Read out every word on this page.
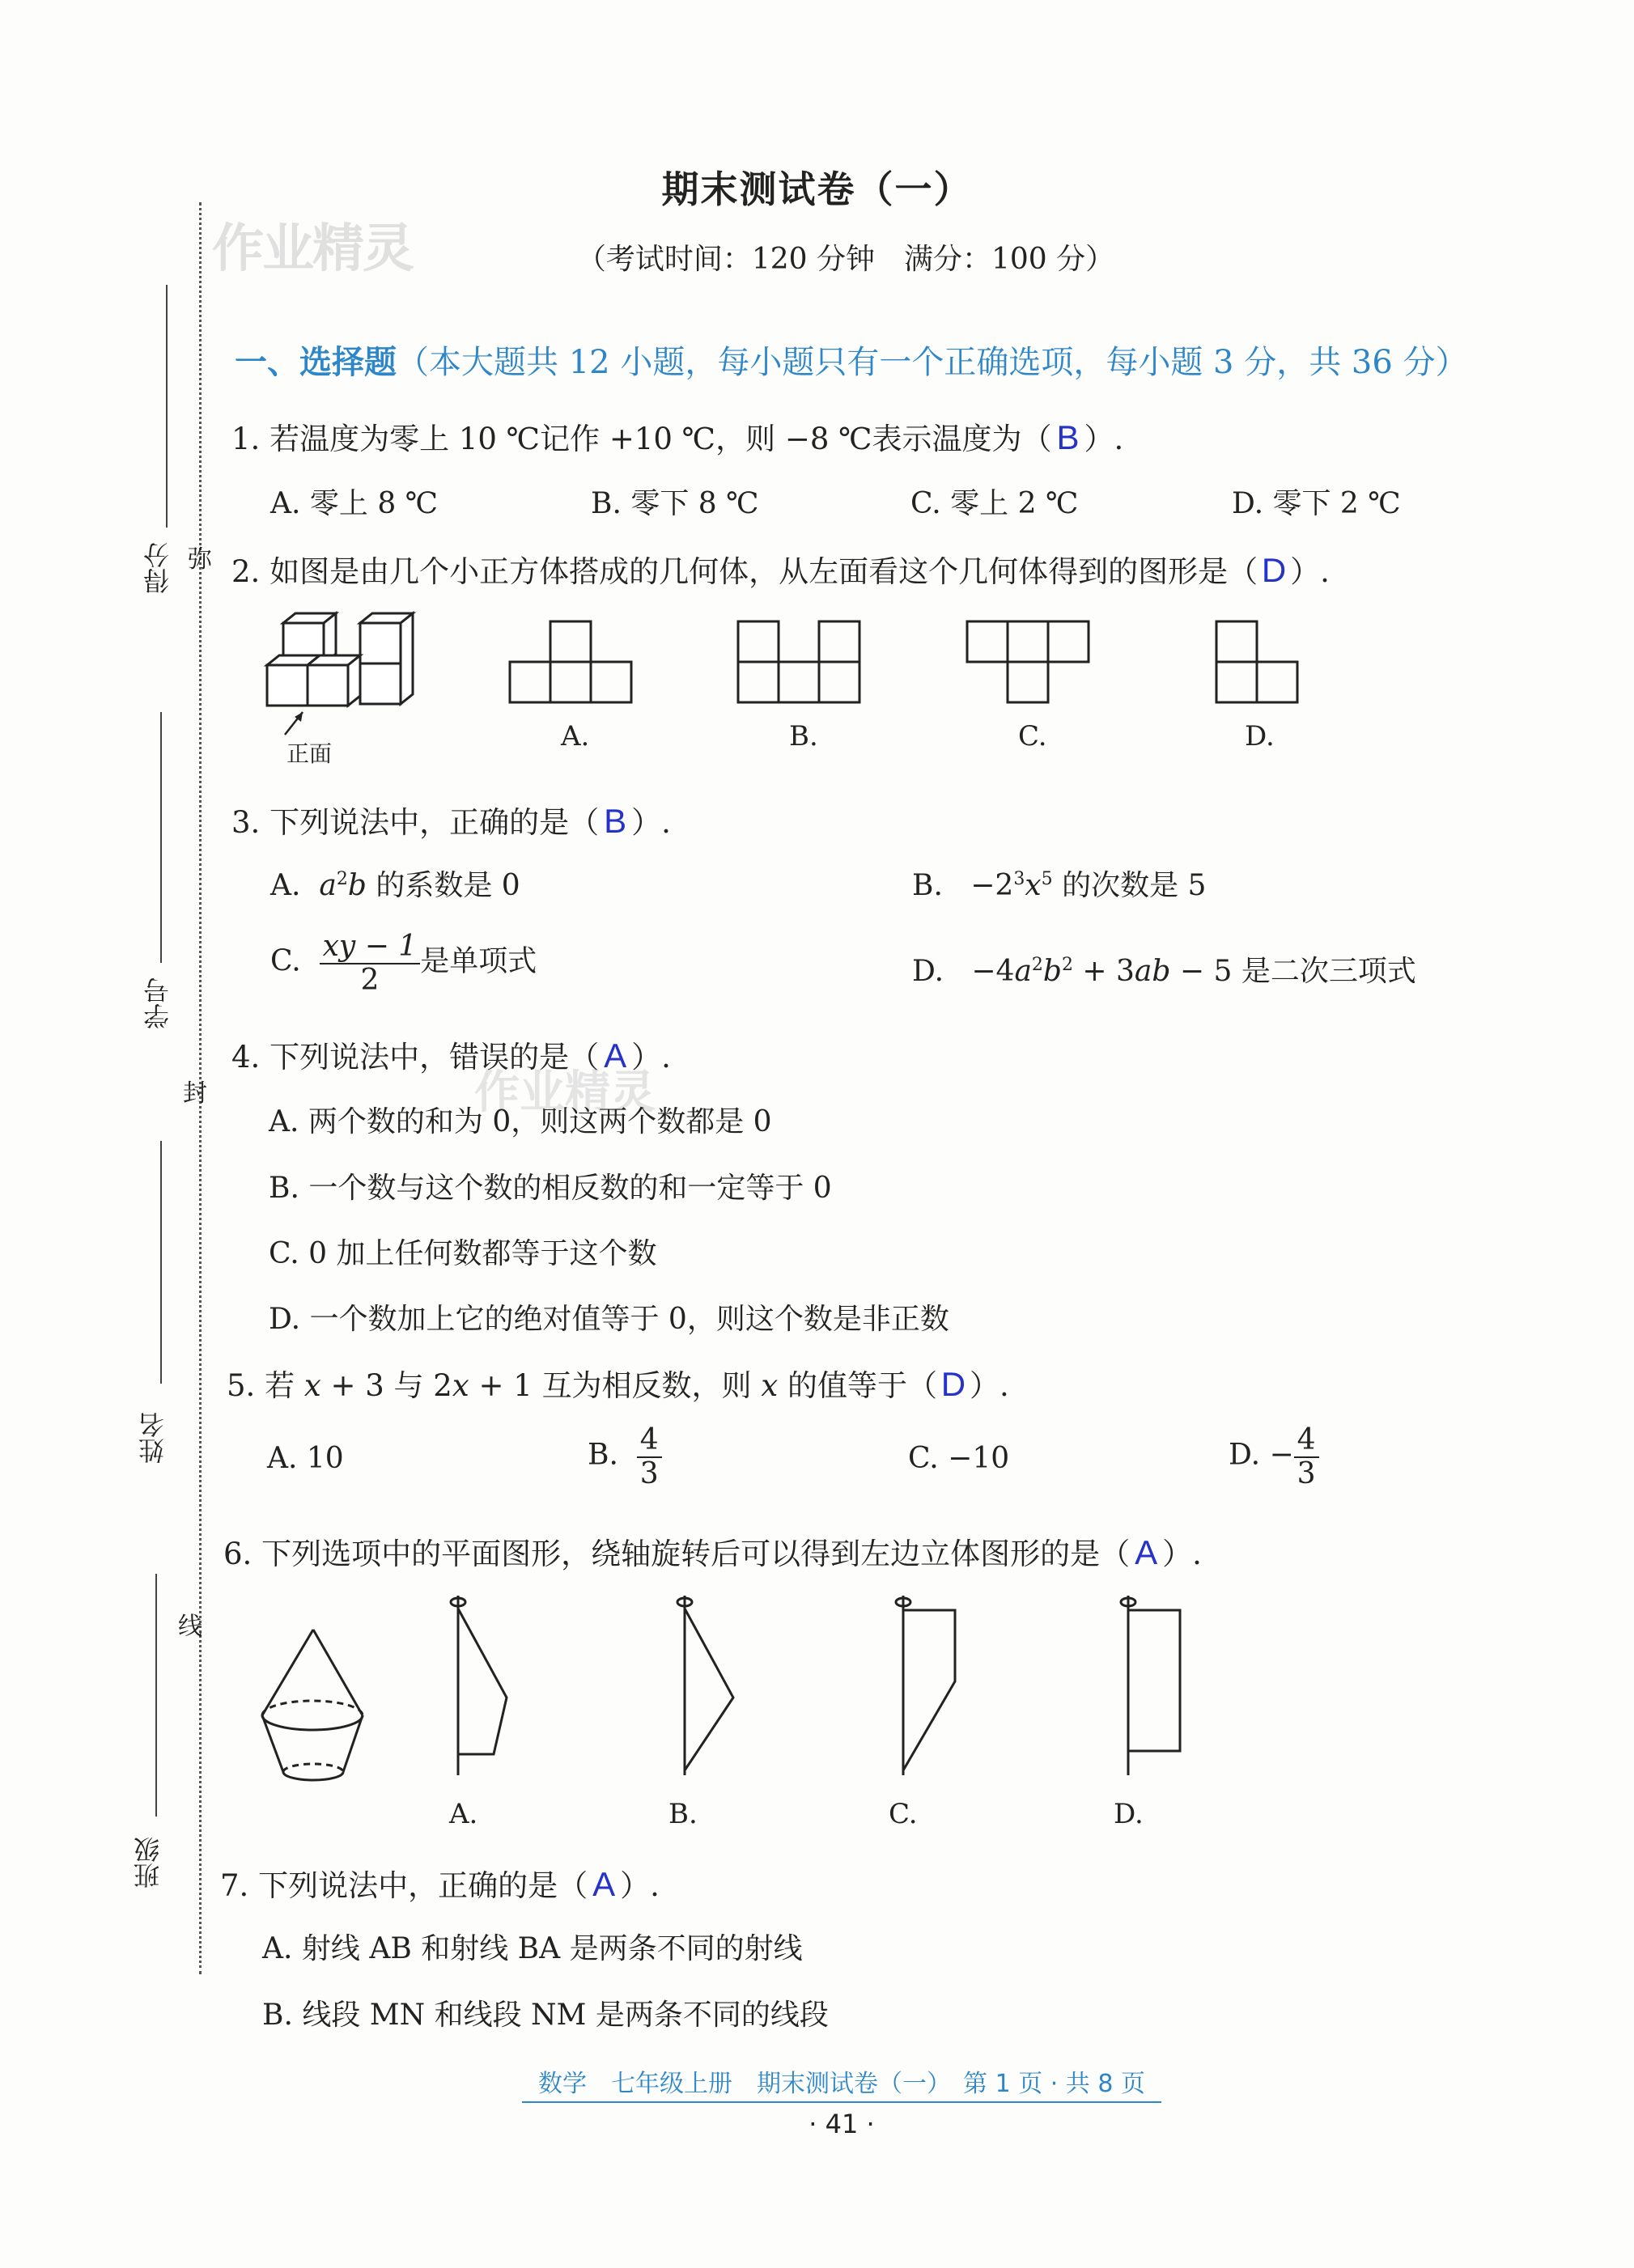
作业精灵
作业精灵
得分
学号
姓名
班级
弥
封
线
期末测试卷（一）
（考试时间：120 分钟　满分：100 分）
一、选择题（本大题共 12 小题，每小题只有一个正确选项，每小题 3 分，共 36 分）
1. 若温度为零上 10 ℃记作 +10 ℃，则 −8 ℃表示温度为（ B ）.
A. 零上 8 ℃	B. 零下 8 ℃	C. 零上 2 ℃	D. 零下 2 ℃
2. 如图是由几个小正方体搭成的几何体，从左面看这个几何体得到的图形是（ D ）.
正面
A.	B.	C.	D.
3. 下列说法中，正确的是（ B ）.
A. $a^2b$ 的系数是 0	B.   $-2^3x^5$ 的次数是 5
C. $\frac{xy - 1}{2}$ 是单项式	D.   $-4a^2b^2 + 3ab - 5$ 是二次三项式
4. 下列说法中，错误的是（ A ）.
A. 两个数的和为 0，则这两个数都是 0
B. 一个数与这个数的相反数的和一定等于 0
C. 0 加上任何数都等于这个数
D. 一个数加上它的绝对值等于 0，则这个数是非正数
5. 若 x + 3 与 2x + 1 互为相反数，则 x 的值等于（ D ）.
A. 10	B. $\frac{4}{3}$	C. −10	D. − $\frac{4}{3}$
6. 下列选项中的平面图形，绕轴旋转后可以得到左边立体图形的是（ A ）.
A.	B.	C.	D.
7. 下列说法中，正确的是（ A ）.
A. 射线 AB 和射线 BA 是两条不同的射线
B. 线段 MN 和线段 NM 是两条不同的线段
数学　七年级上册　期末测试卷（一）　第 1 页 · 共 8 页
· 41 ·
